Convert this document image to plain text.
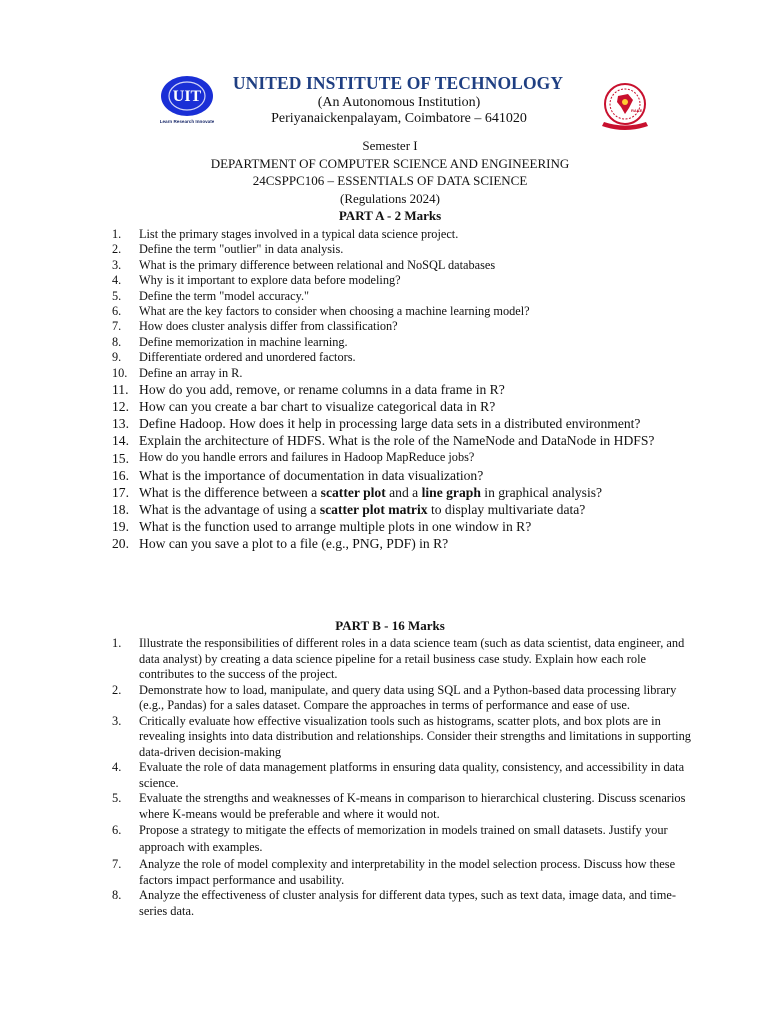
UIT
Learn Research Innovate
RAKE
UNITED INSTITUTE OF TECHNOLOGY
(An Autonomous Institution)
Periyanaickenpalayam, Coimbatore – 641020
Semester I
DEPARTMENT OF COMPUTER SCIENCE AND ENGINEERING
24CSPPC106 – ESSENTIALS OF DATA SCIENCE
(Regulations 2024)
PART A - 2 Marks
1.	List the primary stages involved in a typical data science project.
2.	Define the term "outlier" in data analysis.
3.	What is the primary difference between relational and NoSQL databases
4.	Why is it important to explore data before modeling?
5.	Define the term "model accuracy."
6.	What are the key factors to consider when choosing a machine learning model?
7.	How does cluster analysis differ from classification?
8.	Define memorization in machine learning.
9.	Differentiate ordered and unordered factors.
10. Define an array in R.
11. How do you add, remove, or rename columns in a data frame in R?
12. How can you create a bar chart to visualize categorical data in R?
13. Define Hadoop. How does it help in processing large data sets in a distributed environment?
14. Explain the architecture of HDFS. What is the role of the NameNode and DataNode in HDFS?
15. How do you handle errors and failures in Hadoop MapReduce jobs?
16. What is the importance of documentation in data visualization?
17. What is the difference between a scatter plot and a line graph in graphical analysis?
18. What is the advantage of using a scatter plot matrix to display multivariate data?
19. What is the function used to arrange multiple plots in one window in R?
20. How can you save a plot to a file (e.g., PNG, PDF) in R?
PART B - 16 Marks
1.	Illustrate the responsibilities of different roles in a data science team (such as data scientist, data engineer, and data analyst) by creating a data science pipeline for a retail business case study. Explain how each role contributes to the success of the project.
2.	Demonstrate how to load, manipulate, and query data using SQL and a Python-based data processing library (e.g., Pandas) for a sales dataset. Compare the approaches in terms of performance and ease of use.
3.	Critically evaluate how effective visualization tools such as histograms, scatter plots, and box plots are in revealing insights into data distribution and relationships. Consider their strengths and limitations in supporting data-driven decision-making
4.	Evaluate the role of data management platforms in ensuring data quality, consistency, and accessibility in data science.
5.	Evaluate the strengths and weaknesses of K-means in comparison to hierarchical clustering. Discuss scenarios where K-means would be preferable and where it would not.
6.	Propose a strategy to mitigate the effects of memorization in models trained on small datasets. Justify your approach with examples.
7.	Analyze the role of model complexity and interpretability in the model selection process. Discuss how these factors impact performance and usability.
8.	Analyze the effectiveness of cluster analysis for different data types, such as text data, image data, and time-series data.
